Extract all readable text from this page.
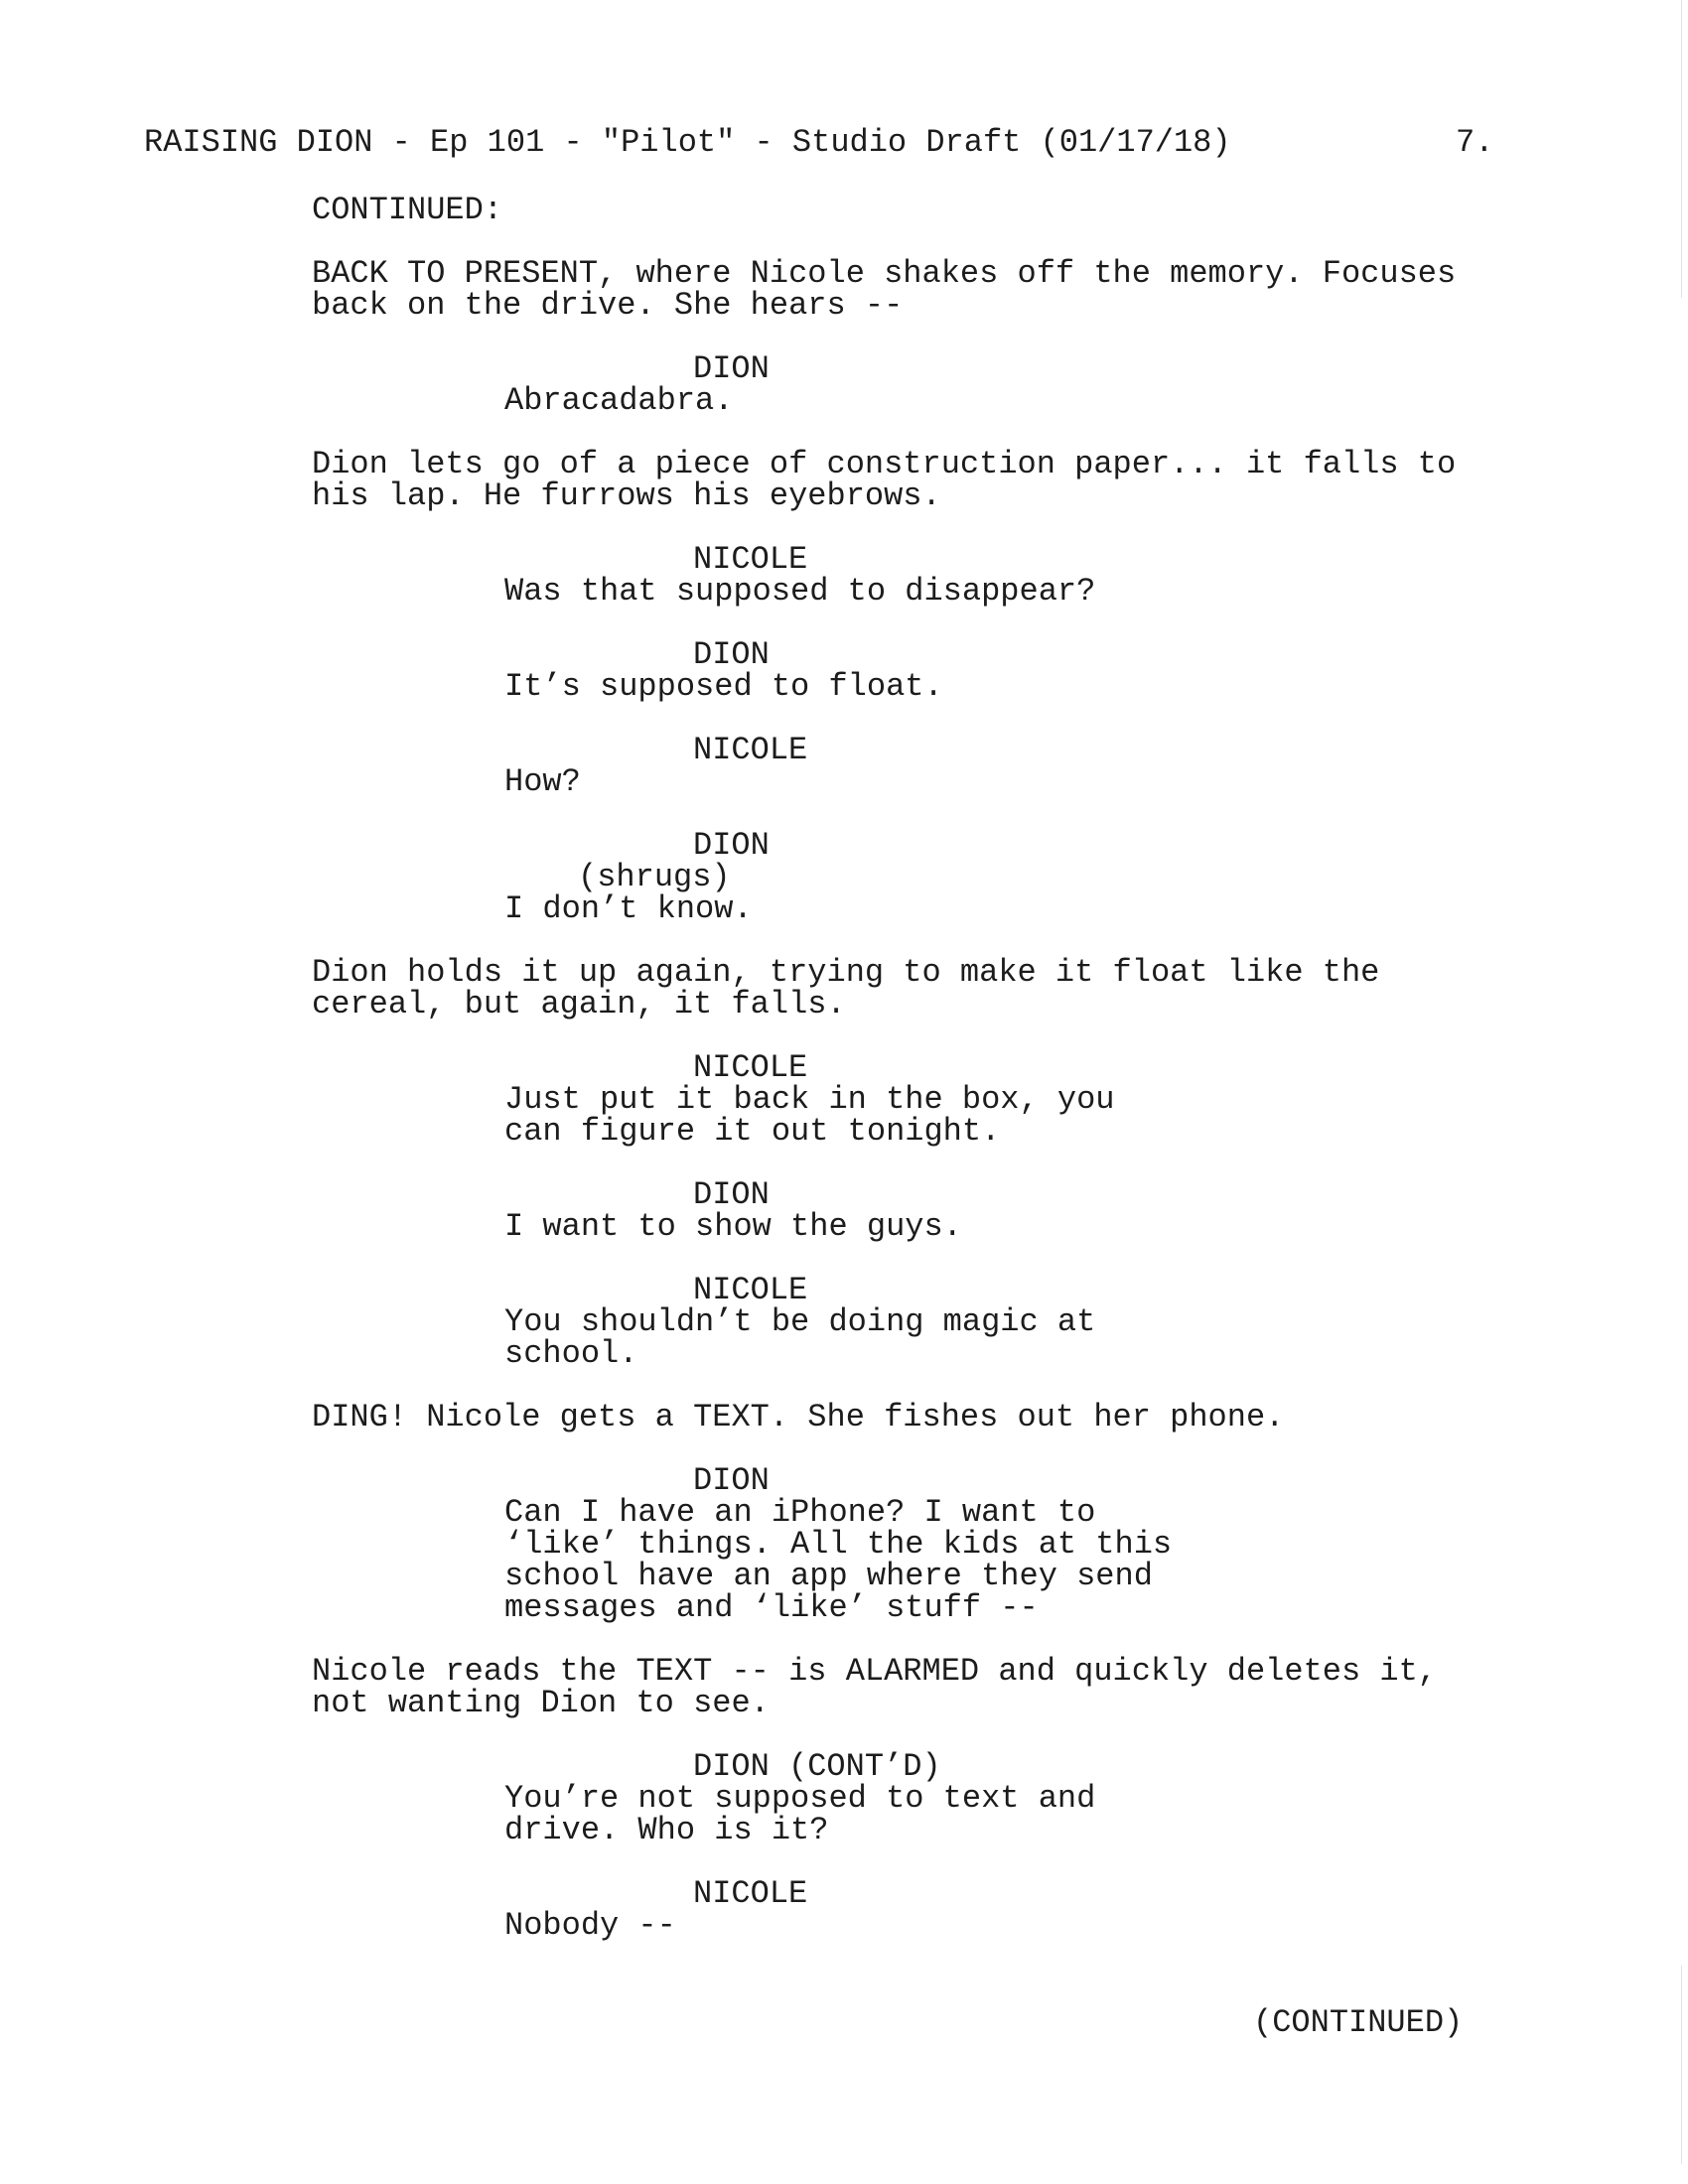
RAISING DION - Ep 101 - "Pilot" - Studio Draft (01/17/18)	7.
CONTINUED:
BACK TO PRESENT, where Nicole shakes off the memory. Focuses
back on the drive. She hears --
DION
Abracadabra.
Dion lets go of a piece of construction paper... it falls to
his lap. He furrows his eyebrows.
NICOLE
Was that supposed to disappear?
DION
It’s supposed to float.
NICOLE
How?
DION
(shrugs)
I don’t know.
Dion holds it up again, trying to make it float like the
cereal, but again, it falls.
NICOLE
Just put it back in the box, you
can figure it out tonight.
DION
I want to show the guys.
NICOLE
You shouldn’t be doing magic at
school.
DING! Nicole gets a TEXT. She fishes out her phone.
DION
Can I have an iPhone? I want to
‘like’ things. All the kids at this
school have an app where they send
messages and ‘like’ stuff --
Nicole reads the TEXT -- is ALARMED and quickly deletes it,
not wanting Dion to see.
DION (CONT’D)
You’re not supposed to text and
drive. Who is it?
NICOLE
Nobody --
(CONTINUED)
